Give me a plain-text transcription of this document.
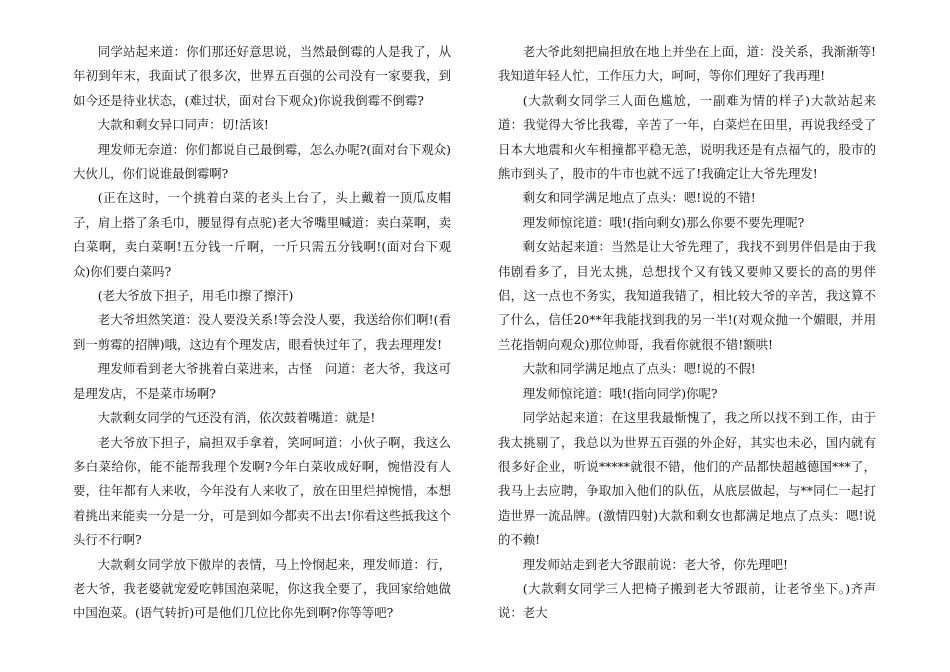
同学站起来道：你们那还好意思说，当然最倒霉的人是我了，从年初到年末，我面试了很多次，世界五百强的公司没有一家要我，到如今还是待业状态，(难过状，面对台下观众)你说我倒霉不倒霉?

大款和剩女异口同声：切!活该!

理发师无奈道：你们都说自己最倒霉，怎么办呢?(面对台下观众)大伙儿，你们说谁最倒霉啊?

(正在这时，一个挑着白菜的老头上台了，头上戴着一顶瓜皮帽子，肩上搭了条毛巾，腰显得有点驼)老大爷嘴里喊道：卖白菜啊，卖白菜啊，卖白菜啊!五分钱一斤啊，一斤只需五分钱啊!(面对台下观众)你们要白菜吗?

(老大爷放下担子，用毛巾擦了擦汗)

老大爷坦然笑道：没人要没关系!等会没人要，我送给你们啊!(看到一剪霉的招牌)哦，这边有个理发店，眼看快过年了，我去理理发!

理发师看到老大爷挑着白菜进来，古怪　问道：老大爷，我这可是理发店，不是菜市场啊?

大款剩女同学的气还没有消，依次鼓着嘴道：就是!

老大爷放下担子，扁担双手拿着，笑呵呵道：小伙子啊，我这么多白菜给你，能不能帮我理个发啊?今年白菜收成好啊，惋惜没有人要，往年都有人来收，今年没有人来收了，放在田里烂掉惋惜，本想着挑出来能卖一分是一分，可是到如今都卖不出去!你看这些抵我这个头行不行啊?

大款剩女同学放下傲岸的表情，马上怜悯起来，理发师道：行，老大爷，我老婆就宠爱吃韩国泡菜呢，你这我全要了，我回家给她做中国泡菜。(语气转折)可是他们几位比你先到啊?你等等吧?

老大爷此刻把扁担放在地上并坐在上面，道：没关系，我渐渐等!我知道年轻人忙，工作压力大，呵呵，等你们理好了我再理!

(大款剩女同学三人面色尴尬，一副难为情的样子)大款站起来道：我觉得大爷比我霉，辛苦了一年，白菜烂在田里，再说我经受了日本大地震和火车相撞都平稳无恙，说明我还是有点福气的，股市的熊市到头了，股市的牛市也就不远了!我确定让大爷先理发!

剩女和同学满足地点了点头：嗯!说的不错!

理发师惊诧道：哦!(指向剩女)那么你要不要先理呢?

剩女站起来道：当然是让大爷先理了，我找不到男伴侣是由于我伟剧看多了，目光太挑，总想找个又有钱又要帅又要长的高的男伴侣，这一点也不务实，我知道我错了，相比较大爷的辛苦，我这算不了什么，信任20**年我能找到我的另一半!(对观众抛一个媚眼，并用兰花指朝向观众)那位帅哥，我看你就很不错!额哄!

大款和同学满足地点了点头：嗯!说的不假!

理发师惊诧道：哦!(指向同学)你呢?

同学站起来道：在这里我最惭愧了，我之所以找不到工作，由于我太挑剔了，我总以为世界五百强的外企好，其实也未必，国内就有很多好企业，听说*****就很不错，他们的产品都快超越德国***了，我马上去应聘，争取加入他们的队伍，从底层做起，与**同仁一起打造世界一流品牌。(激情四射)大款和剩女也都满足地点了点头：嗯!说的不赖!

理发师站走到老大爷跟前说：老大爷，你先理吧!

(大款剩女同学三人把椅子搬到老大爷跟前，让老爷坐下。)齐声说：老大
